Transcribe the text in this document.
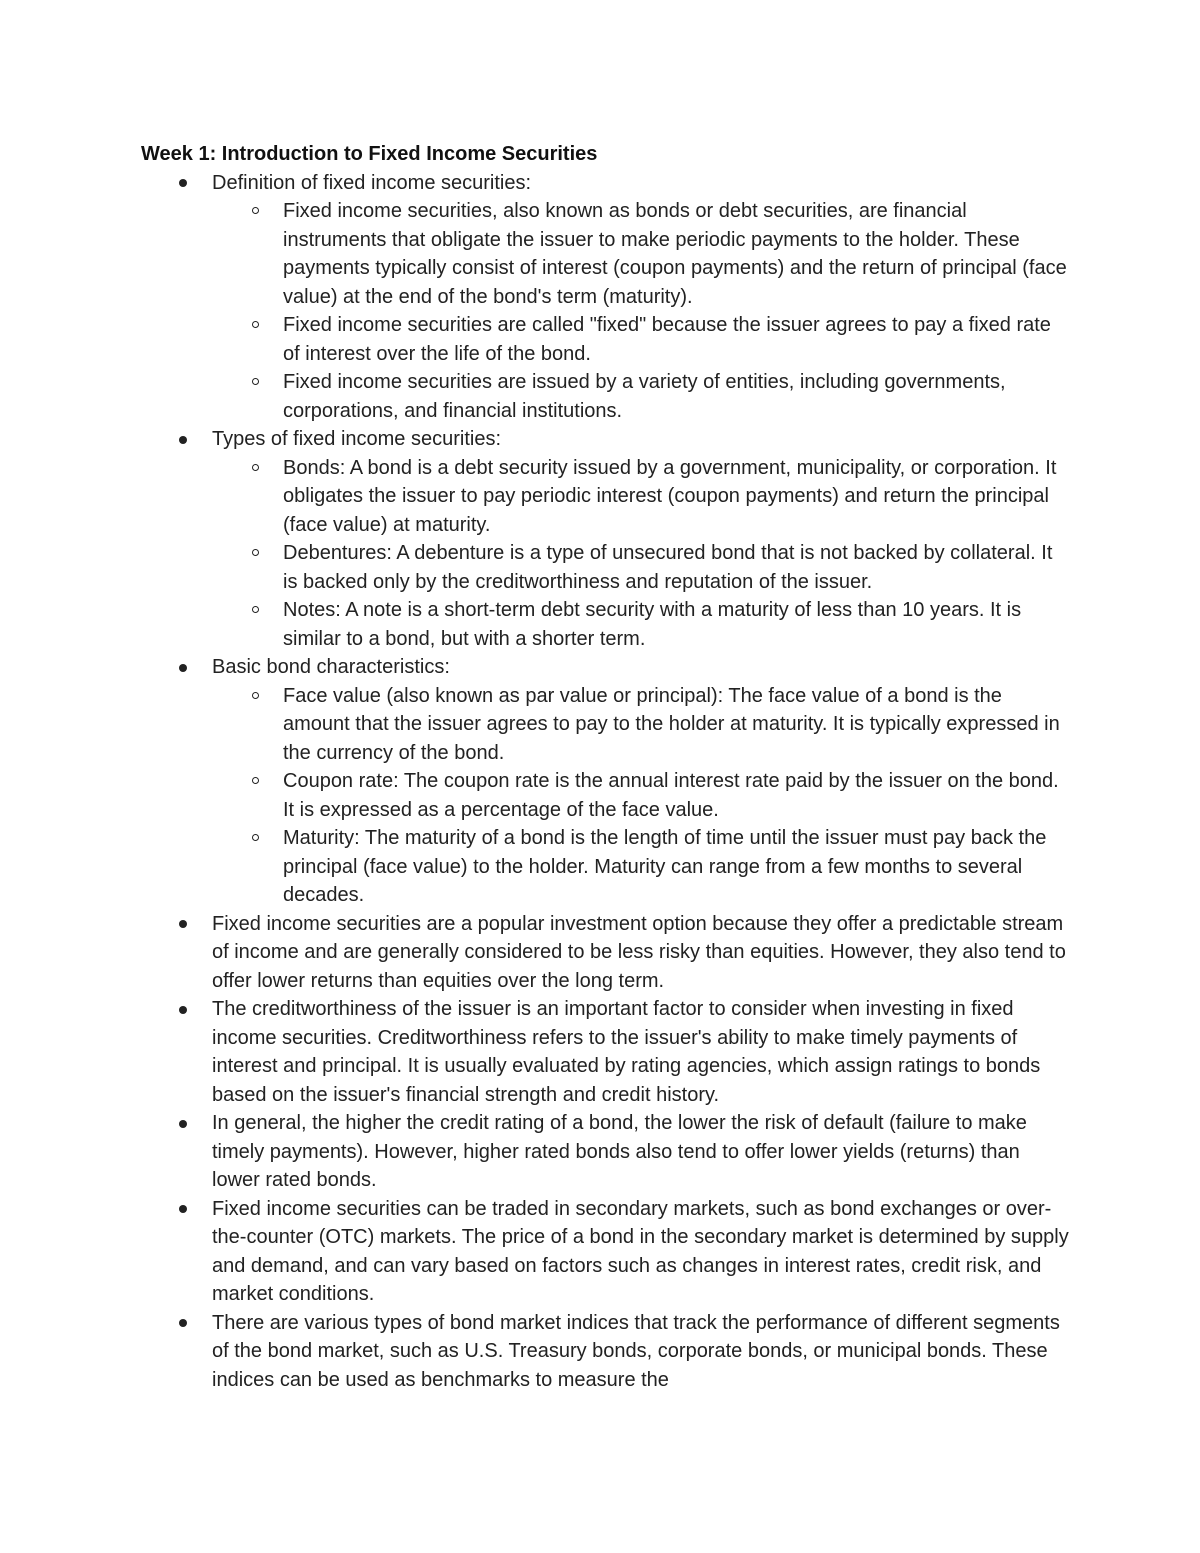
Week 1: Introduction to Fixed Income Securities
Definition of fixed income securities:
Fixed income securities, also known as bonds or debt securities, are financial instruments that obligate the issuer to make periodic payments to the holder. These payments typically consist of interest (coupon payments) and the return of principal (face value) at the end of the bond's term (maturity).
Fixed income securities are called "fixed" because the issuer agrees to pay a fixed rate of interest over the life of the bond.
Fixed income securities are issued by a variety of entities, including governments, corporations, and financial institutions.
Types of fixed income securities:
Bonds: A bond is a debt security issued by a government, municipality, or corporation. It obligates the issuer to pay periodic interest (coupon payments) and return the principal (face value) at maturity.
Debentures: A debenture is a type of unsecured bond that is not backed by collateral. It is backed only by the creditworthiness and reputation of the issuer.
Notes: A note is a short-term debt security with a maturity of less than 10 years. It is similar to a bond, but with a shorter term.
Basic bond characteristics:
Face value (also known as par value or principal): The face value of a bond is the amount that the issuer agrees to pay to the holder at maturity. It is typically expressed in the currency of the bond.
Coupon rate: The coupon rate is the annual interest rate paid by the issuer on the bond. It is expressed as a percentage of the face value.
Maturity: The maturity of a bond is the length of time until the issuer must pay back the principal (face value) to the holder. Maturity can range from a few months to several decades.
Fixed income securities are a popular investment option because they offer a predictable stream of income and are generally considered to be less risky than equities. However, they also tend to offer lower returns than equities over the long term.
The creditworthiness of the issuer is an important factor to consider when investing in fixed income securities. Creditworthiness refers to the issuer's ability to make timely payments of interest and principal. It is usually evaluated by rating agencies, which assign ratings to bonds based on the issuer's financial strength and credit history.
In general, the higher the credit rating of a bond, the lower the risk of default (failure to make timely payments). However, higher rated bonds also tend to offer lower yields (returns) than lower rated bonds.
Fixed income securities can be traded in secondary markets, such as bond exchanges or over-the-counter (OTC) markets. The price of a bond in the secondary market is determined by supply and demand, and can vary based on factors such as changes in interest rates, credit risk, and market conditions.
There are various types of bond market indices that track the performance of different segments of the bond market, such as U.S. Treasury bonds, corporate bonds, or municipal bonds. These indices can be used as benchmarks to measure the
